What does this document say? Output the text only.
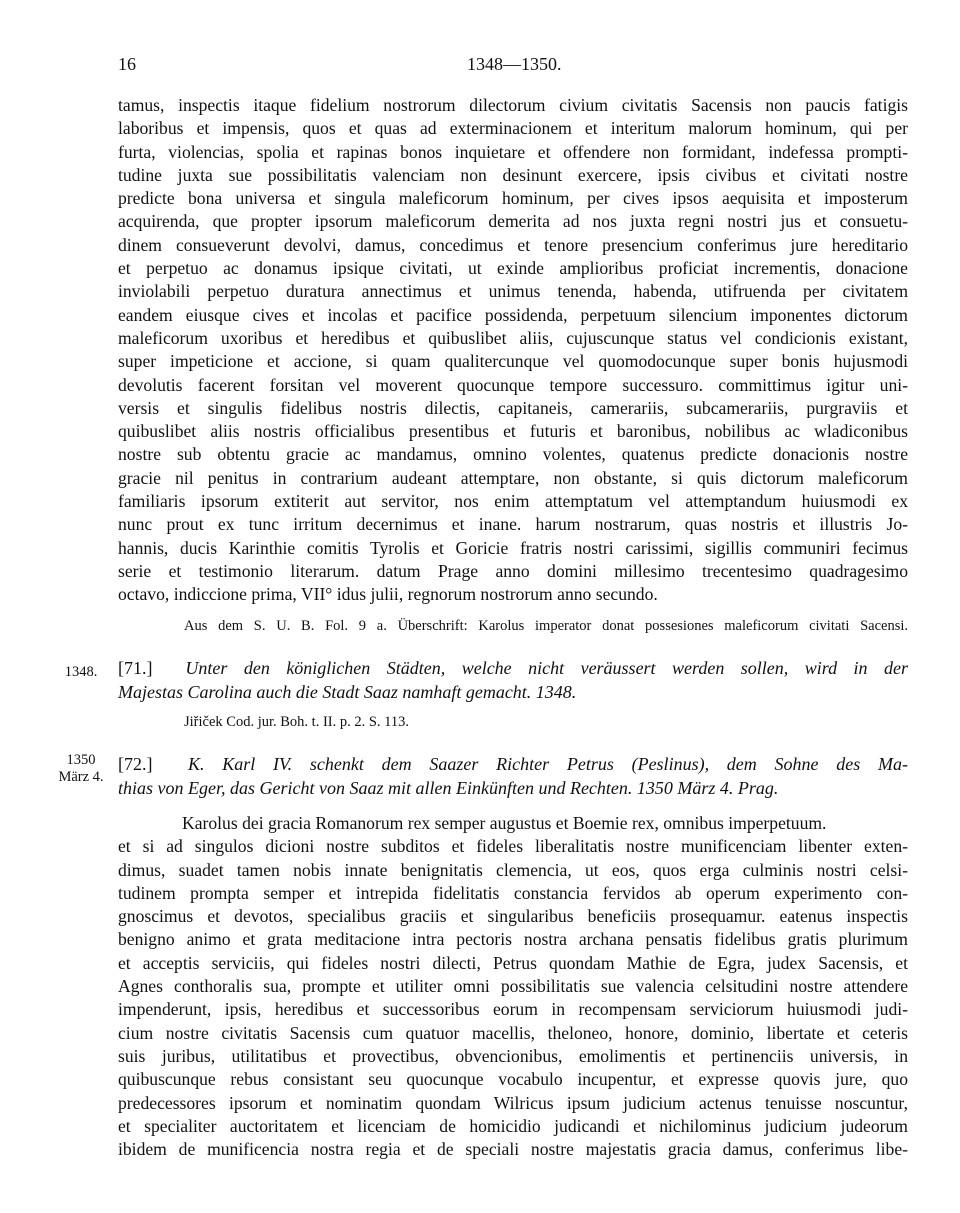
16	1348—1350.
tamus, inspectis itaque fidelium nostrorum dilectorum civium civitatis Sacensis non paucis fatigis
laboribus et impensis, quos et quas ad exterminacionem et interitum malorum hominum, qui per
furta, violencias, spolia et rapinas bonos inquietare et offendere non formidant, indefessa prompti-
tudine juxta sue possibilitatis valenciam non desinunt exercere, ipsis civibus et civitati nostre
predicte bona universa et singula maleficorum hominum, per cives ipsos aequisita et imposterum
acquirenda, que propter ipsorum maleficorum demerita ad nos juxta regni nostri jus et consuetu-
dinem consueverunt devolvi, damus, concedimus et tenore presencium conferimus jure hereditario
et perpetuo ac donamus ipsique civitati, ut exinde amplioribus proficiat incrementis, donacione
inviolabili perpetuo duratura annectimus et unimus tenenda, habenda, utifruenda per civitatem
eandem eiusque cives et incolas et pacifice possidenda, perpetuum silencium imponentes dictorum
maleficorum uxoribus et heredibus et quibuslibet aliis, cujuscunque status vel condicionis existant,
super impeticione et accione, si quam qualitercunque vel quomodocunque super bonis hujusmodi
devolutis facerent forsitan vel moverent quocunque tempore successuro. committimus igitur uni-
versis et singulis fidelibus nostris dilectis, capitaneis, camerariis, subcamerariis, purgraviis et
quibuslibet aliis nostris officialibus presentibus et futuris et baronibus, nobilibus ac wladiconibus
nostre sub obtentu gracie ac mandamus, omnino volentes, quatenus predicte donacionis nostre
gracie nil penitus in contrarium audeant attemptare, non obstante, si quis dictorum maleficorum
familiaris ipsorum extiterit aut servitor, nos enim attemptatum vel attemptandum huiusmodi ex
nunc prout ex tunc irritum decernimus et inane. harum nostrarum, quas nostris et illustris Jo-
hannis, ducis Karinthie comitis Tyrolis et Goricie fratris nostri carissimi, sigillis communiri fecimus
serie et testimonio literarum. datum Prage anno domini millesimo trecentesimo quadragesimo
octavo, indiccione prima, VII° idus julii, regnorum nostrorum anno secundo.
Aus dem S. U. B. Fol. 9 a. Überschrift: Karolus imperator donat possesiones maleficorum civitati Sacensi.
1348.	[71.] Unter den königlichen Städten, welche nicht veräussert werden sollen, wird in der
Majestas Carolina auch die Stadt Saaz namhaft gemacht. 1348.
Jiřiček Cod. jur. Boh. t. II. p. 2. S. 113.
1350
März 4.
[72.] K. Karl IV. schenkt dem Saazer Richter Petrus (Peslinus), dem Sohne des Ma-
thias von Eger, das Gericht von Saaz mit allen Einkünften und Rechten. 1350 März 4. Prag.
Karolus dei gracia Romanorum rex semper augustus et Boemie rex, omnibus imperpetuum.
et si ad singulos dicioni nostre subditos et fideles liberalitatis nostre munificenciam libenter exten-
dimus, suadet tamen nobis innate benignitatis clemencia, ut eos, quos erga culminis nostri celsi-
tudinem prompta semper et intrepida fidelitatis constancia fervidos ab operum experimento con-
gnoscimus et devotos, specialibus graciis et singularibus beneficiis prosequamur. eatenus inspectis
benigno animo et grata meditacione intra pectoris nostra archana pensatis fidelibus gratis plurimum
et acceptis serviciis, qui fideles nostri dilecti, Petrus quondam Mathie de Egra, judex Sacensis, et
Agnes conthoralis sua, prompte et utiliter omni possibilitatis sue valencia celsitudini nostre attendere
impenderunt, ipsis, heredibus et successoribus eorum in recompensam serviciorum huiusmodi judi-
cium nostre civitatis Sacensis cum quatuor macellis, theloneo, honore, dominio, libertate et ceteris
suis juribus, utilitatibus et provectibus, obvencionibus, emolimentis et pertinenciis universis, in
quibuscunque rebus consistant seu quocunque vocabulo incupentur, et expresse quovis jure, quo
predecessores ipsorum et nominatim quondam Wilricus ipsum judicium actenus tenuisse noscuntur,
et specialiter auctoritatem et licenciam de homicidio judicandi et nichilominus judicium judeorum
ibidem de munificencia nostra regia et de speciali nostre majestatis gracia damus, conferimus libe-
